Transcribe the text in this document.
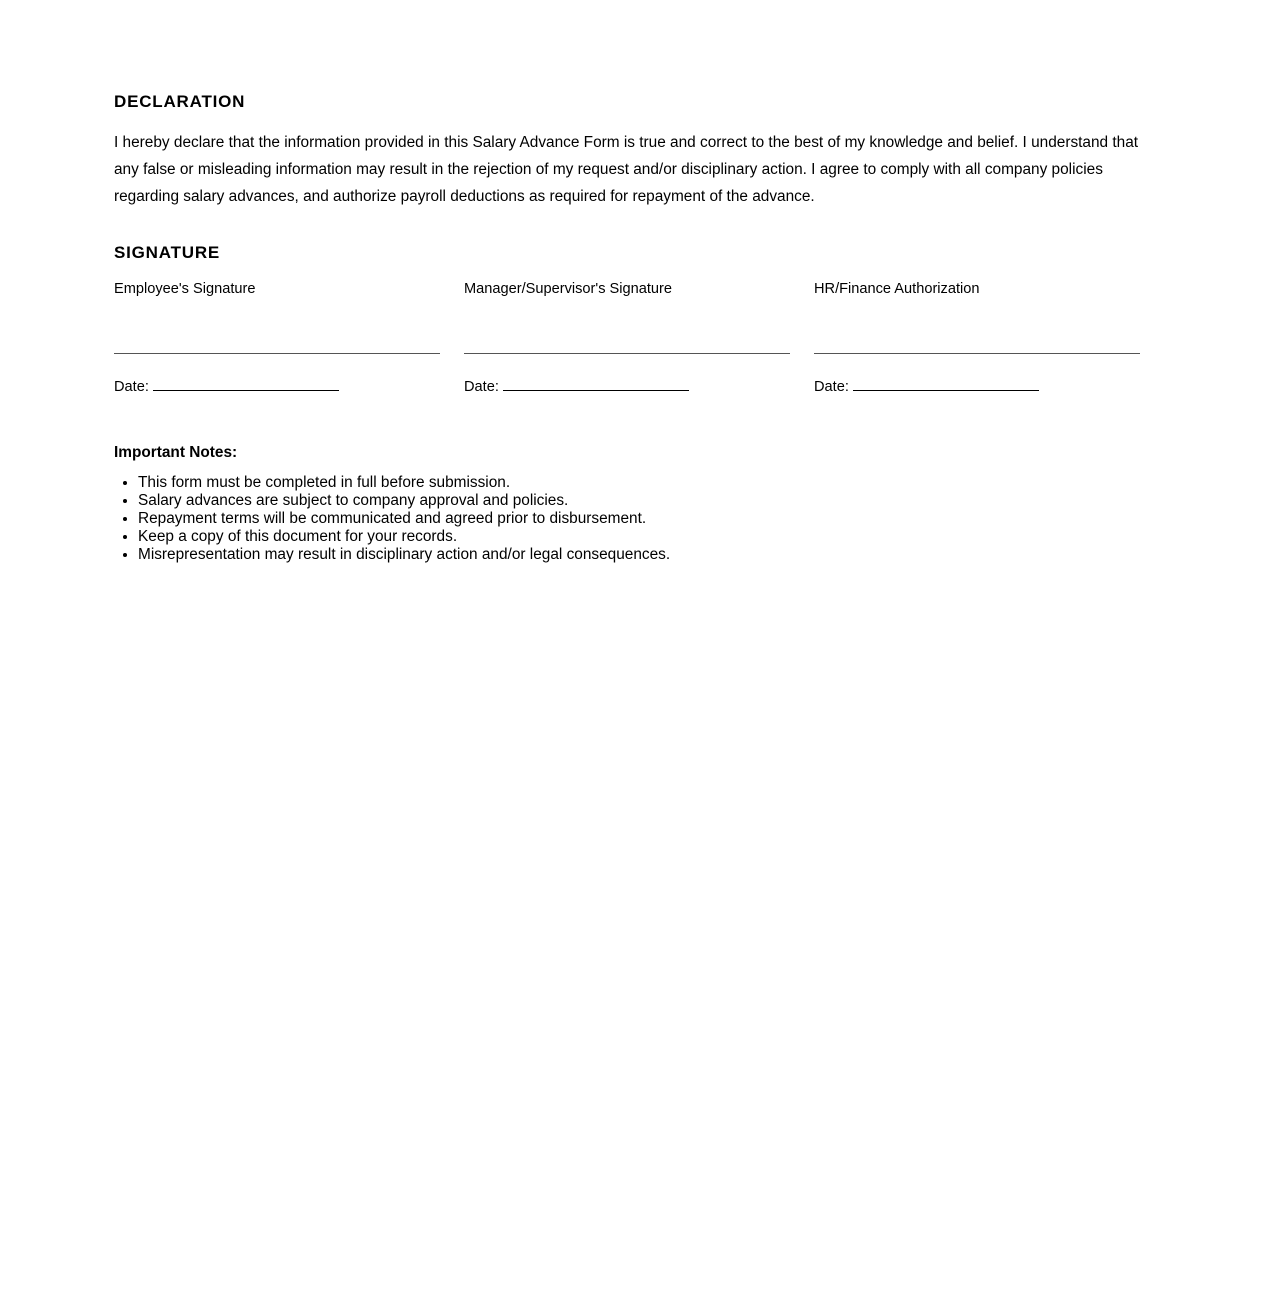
DECLARATION

I hereby declare that the information provided in this Salary Advance Form is true and correct to the best of my knowledge and belief. I understand that any false or misleading information may result in the rejection of my request and/or disciplinary action. I agree to comply with all company policies regarding salary advances, and authorize payroll deductions as required for repayment of the advance.

SIGNATURE
Employee's Signature
Date:
Manager/Supervisor's Signature
Date:
HR/Finance Authorization
Date:
Important Notes:
• This form must be completed in full before submission.
• Salary advances are subject to company approval and policies.
• Repayment terms will be communicated and agreed prior to disbursement.
• Keep a copy of this document for your records.
• Misrepresentation may result in disciplinary action and/or legal consequences.
